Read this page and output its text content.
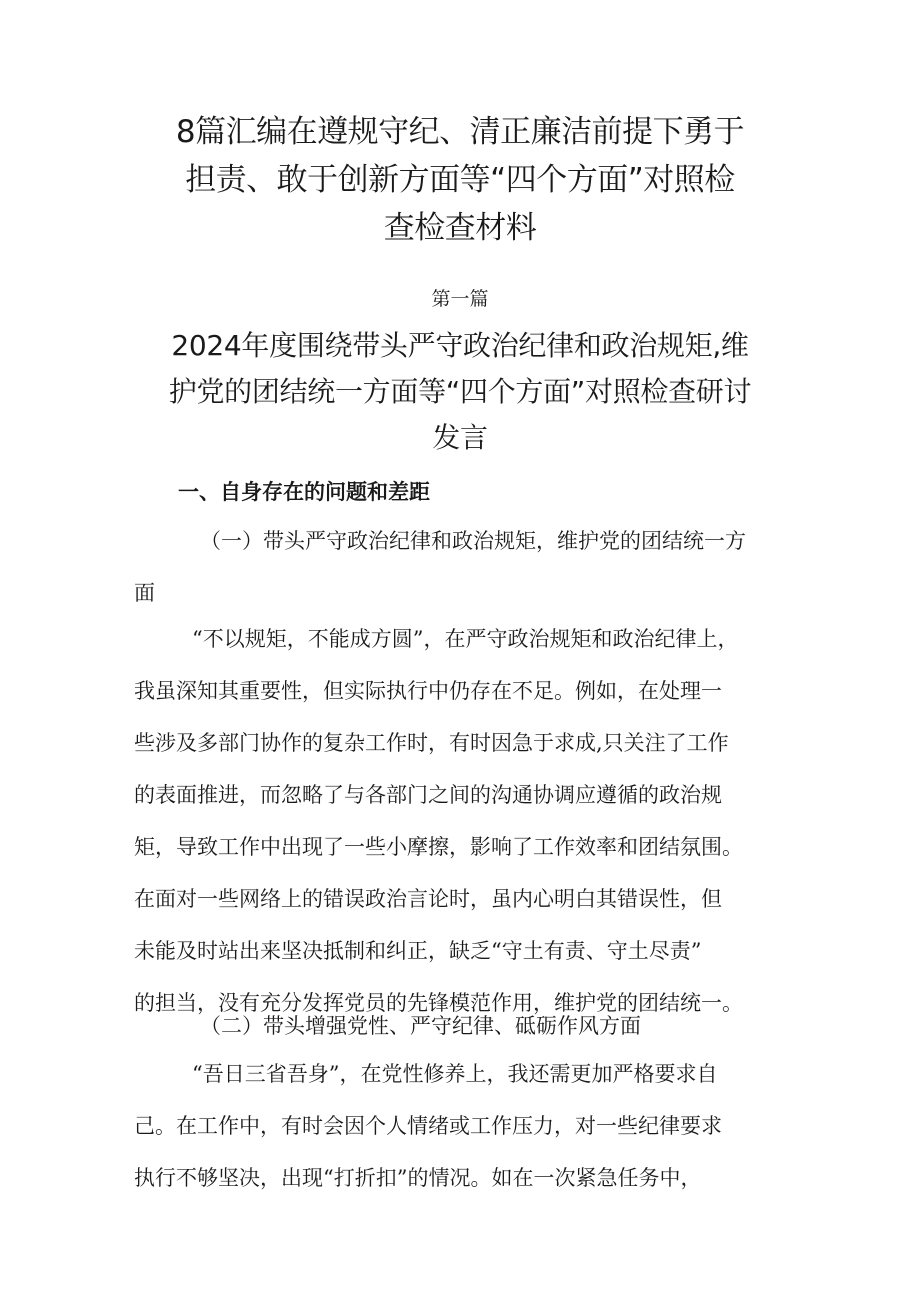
8篇汇编在遵规守纪、清正廉洁前提下勇于
担责、敢于创新方面等“四个方面”对照检
查检查材料

第一篇

2024年度围绕带头严守政治纪律和政治规矩,维
护党的团结统一方面等“四个方面”对照检查研讨
发言
一、自身存在的问题和差距

（一）带头严守政治纪律和政治规矩，维护党的团结统一方
面

“不以规矩，不能成方圆”，在严守政治规矩和政治纪律上，
我虽深知其重要性，但实际执行中仍存在不足。例如，在处理一
些涉及多部门协作的复杂工作时，有时因急于求成,只关注了工作
的表面推进，而忽略了与各部门之间的沟通协调应遵循的政治规
矩，导致工作中出现了一些小摩擦，影响了工作效率和团结氛围。
在面对一些网络上的错误政治言论时，虽内心明白其错误性，但
未能及时站出来坚决抵制和纠正，缺乏“守土有责、守土尽责”
的担当，没有充分发挥党员的先锋模范作用，维护党的团结统一。

（二）带头增强党性、严守纪律、砥砺作风方面

“吾日三省吾身”，在党性修养上，我还需更加严格要求自
己。在工作中，有时会因个人情绪或工作压力，对一些纪律要求
执行不够坚决，出现“打折扣”的情况。如在一次紧急任务中，
